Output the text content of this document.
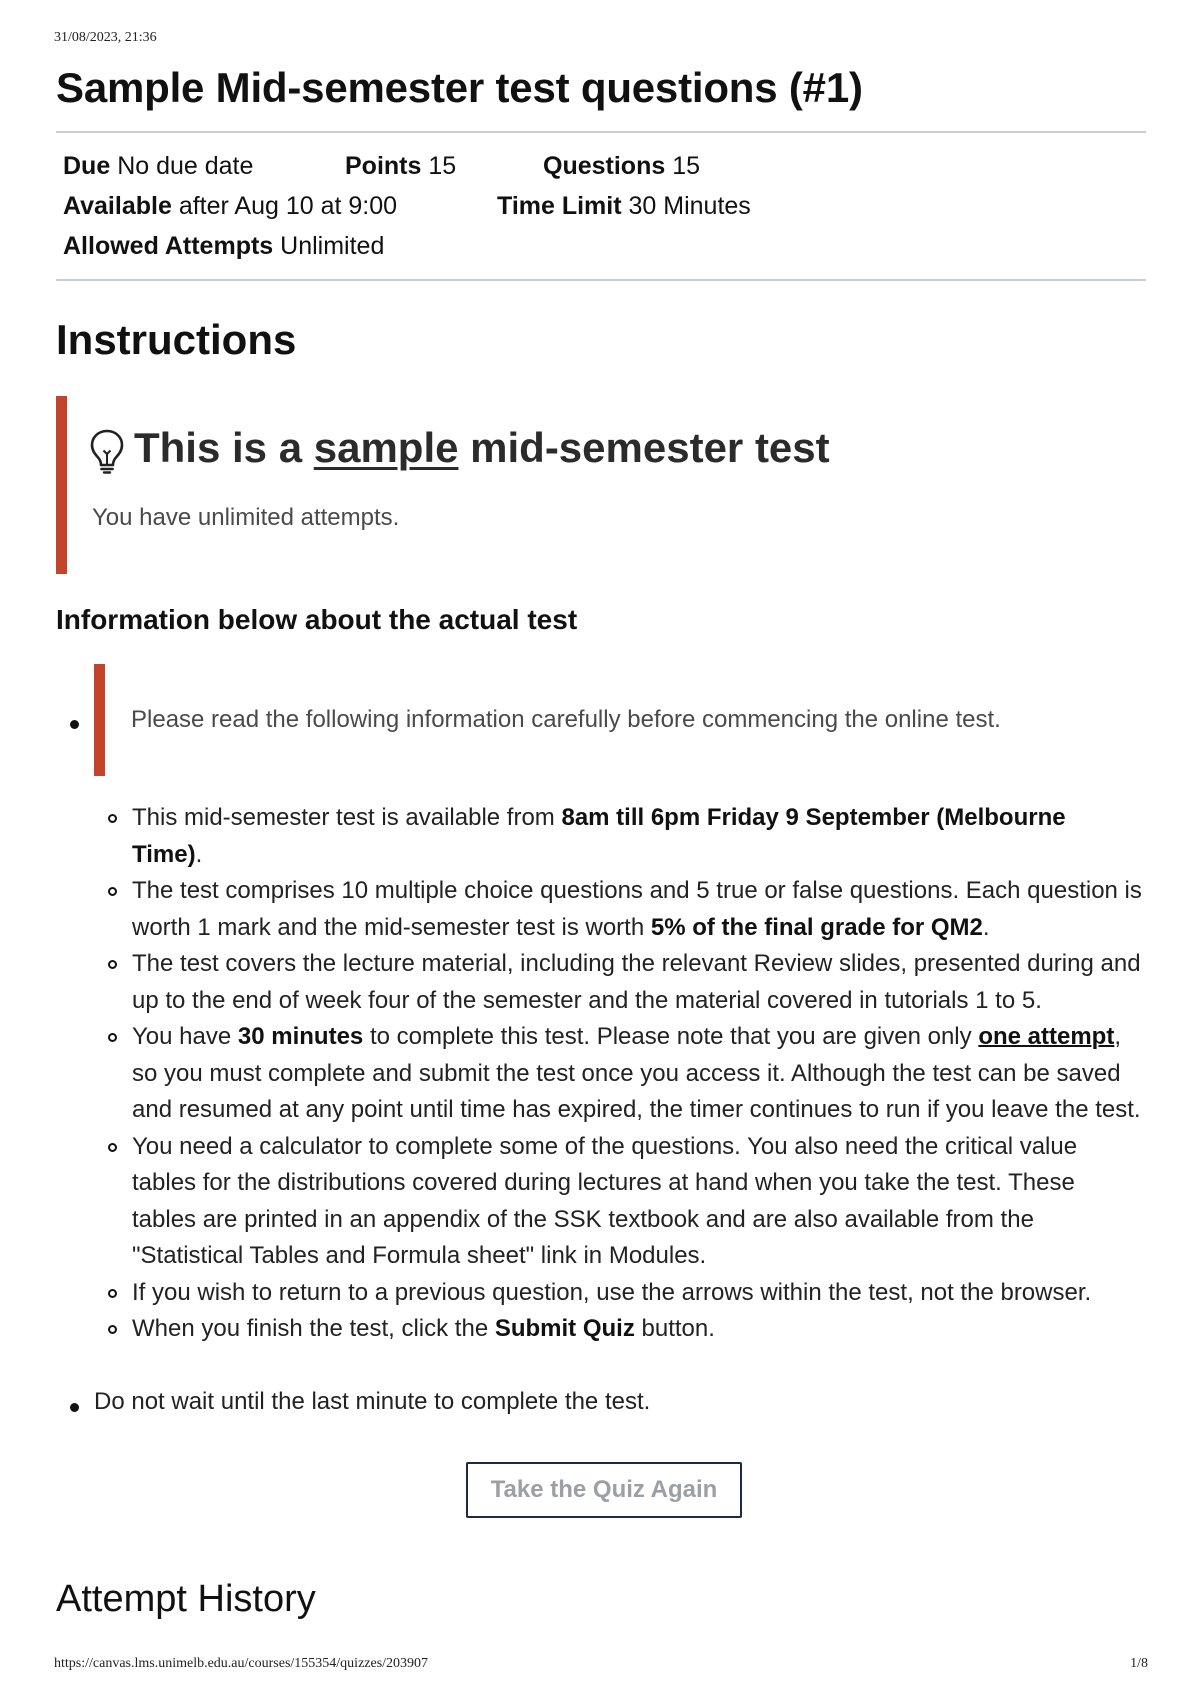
31/08/2023, 21:36
Sample Mid-semester test questions (#1)
Due No due date	Points 15	Questions 15
Available after Aug 10 at 9:00	Time Limit 30 Minutes
Allowed Attempts Unlimited
Instructions
This is a sample mid-semester test
You have unlimited attempts.
Information below about the actual test
Please read the following information carefully before commencing the online test.
This mid-semester test is available from 8am till 6pm Friday 9 September (Melbourne Time).
The test comprises 10 multiple choice questions and 5 true or false questions. Each question is worth 1 mark and the mid-semester test is worth 5% of the final grade for QM2.
The test covers the lecture material, including the relevant Review slides, presented during and up to the end of week four of the semester and the material covered in tutorials 1 to 5.
You have 30 minutes to complete this test. Please note that you are given only one attempt, so you must complete and submit the test once you access it. Although the test can be saved and resumed at any point until time has expired, the timer continues to run if you leave the test.
You need a calculator to complete some of the questions. You also need the critical value tables for the distributions covered during lectures at hand when you take the test. These tables are printed in an appendix of the SSK textbook and are also available from the "Statistical Tables and Formula sheet" link in Modules.
If you wish to return to a previous question, use the arrows within the test, not the browser.
When you finish the test, click the Submit Quiz button.
Do not wait until the last minute to complete the test.
Take the Quiz Again
Attempt History
https://canvas.lms.unimelb.edu.au/courses/155354/quizzes/203907	1/8
